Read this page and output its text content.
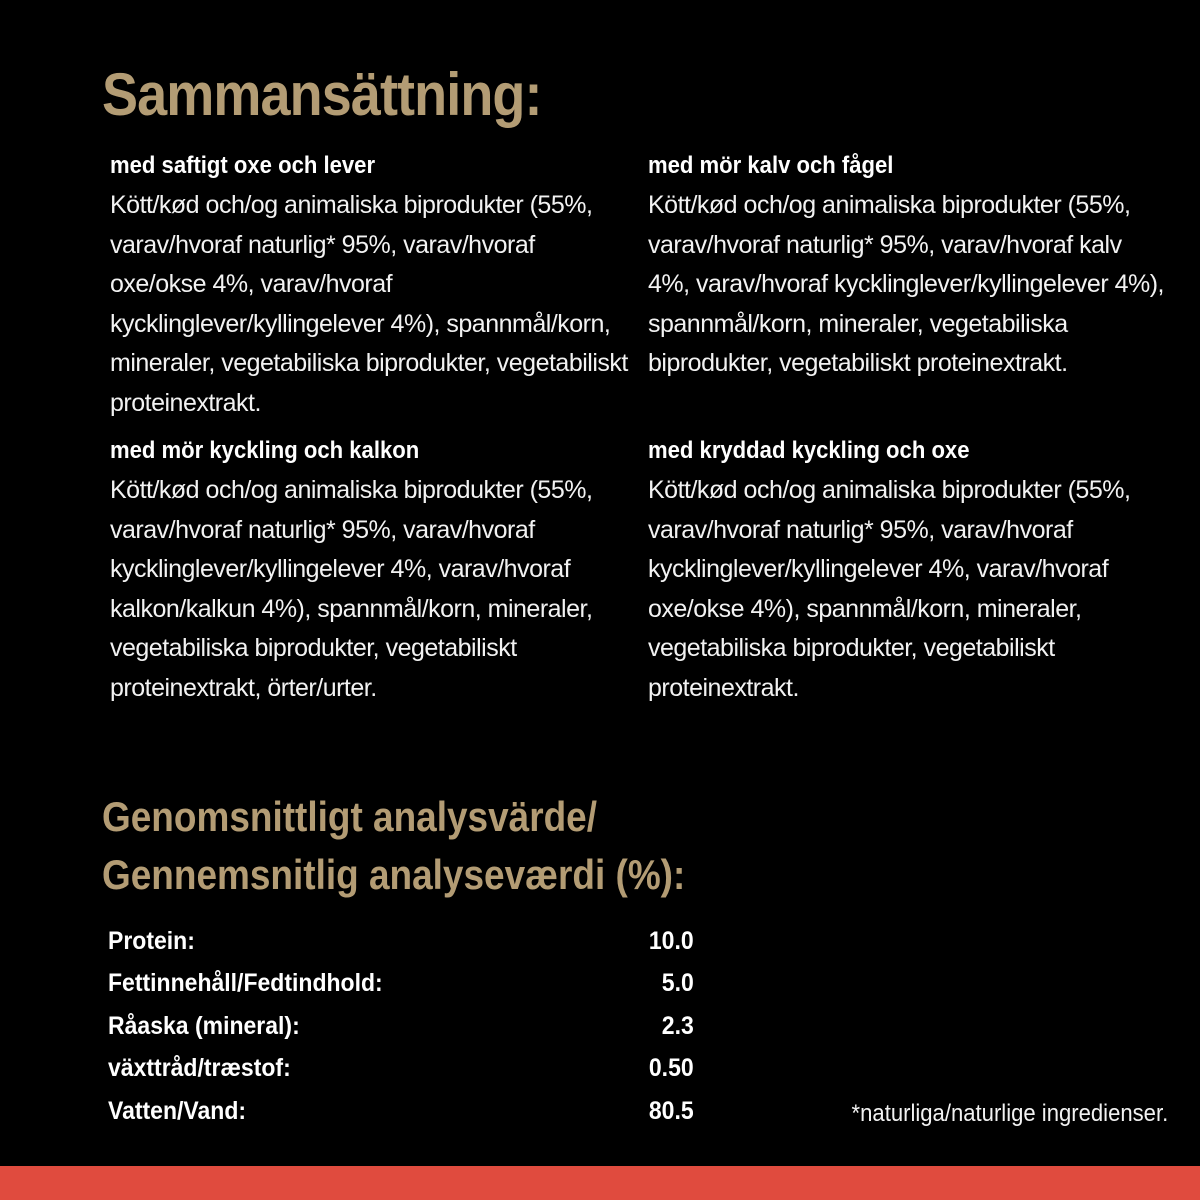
Sammansättning:
med saftigt oxe och lever
Kött/kød och/og animaliska biprodukter (55%, varav/hvoraf naturlig* 95%, varav/hvoraf oxe/okse 4%, varav/hvoraf kycklinglever/kyllingelever 4%), spannmål/korn, mineraler, vegetabiliska biprodukter, vegetabiliskt proteinextrakt.
med mör kalv och fågel
Kött/kød och/og animaliska biprodukter (55%, varav/hvoraf naturlig* 95%, varav/hvoraf kalv 4%, varav/hvoraf kycklinglever/kyllingelever 4%), spannmål/korn, mineraler, vegetabiliska biprodukter, vegetabiliskt proteinextrakt.
med mör kyckling och kalkon
Kött/kød och/og animaliska biprodukter (55%, varav/hvoraf naturlig* 95%, varav/hvoraf kycklinglever/kyllingelever 4%, varav/hvoraf kalkon/kalkun 4%), spannmål/korn, mineraler, vegetabiliska biprodukter, vegetabiliskt proteinextrakt, örter/urter.
med kryddad kyckling och oxe
Kött/kød och/og animaliska biprodukter (55%, varav/hvoraf naturlig* 95%, varav/hvoraf kycklinglever/kyllingelever 4%, varav/hvoraf oxe/okse 4%), spannmål/korn, mineraler, vegetabiliska biprodukter, vegetabiliskt proteinextrakt.
Genomsnittligt analysvärde/
Gennemsnitlig analyseværdi (%):
Protein:	10.0
Fettinnehåll/Fedtindhold:	5.0
Råaska (mineral):	2.3
växttråd/træstof:	0.50
Vatten/Vand:	80.5	*naturliga/naturlige ingredienser.
